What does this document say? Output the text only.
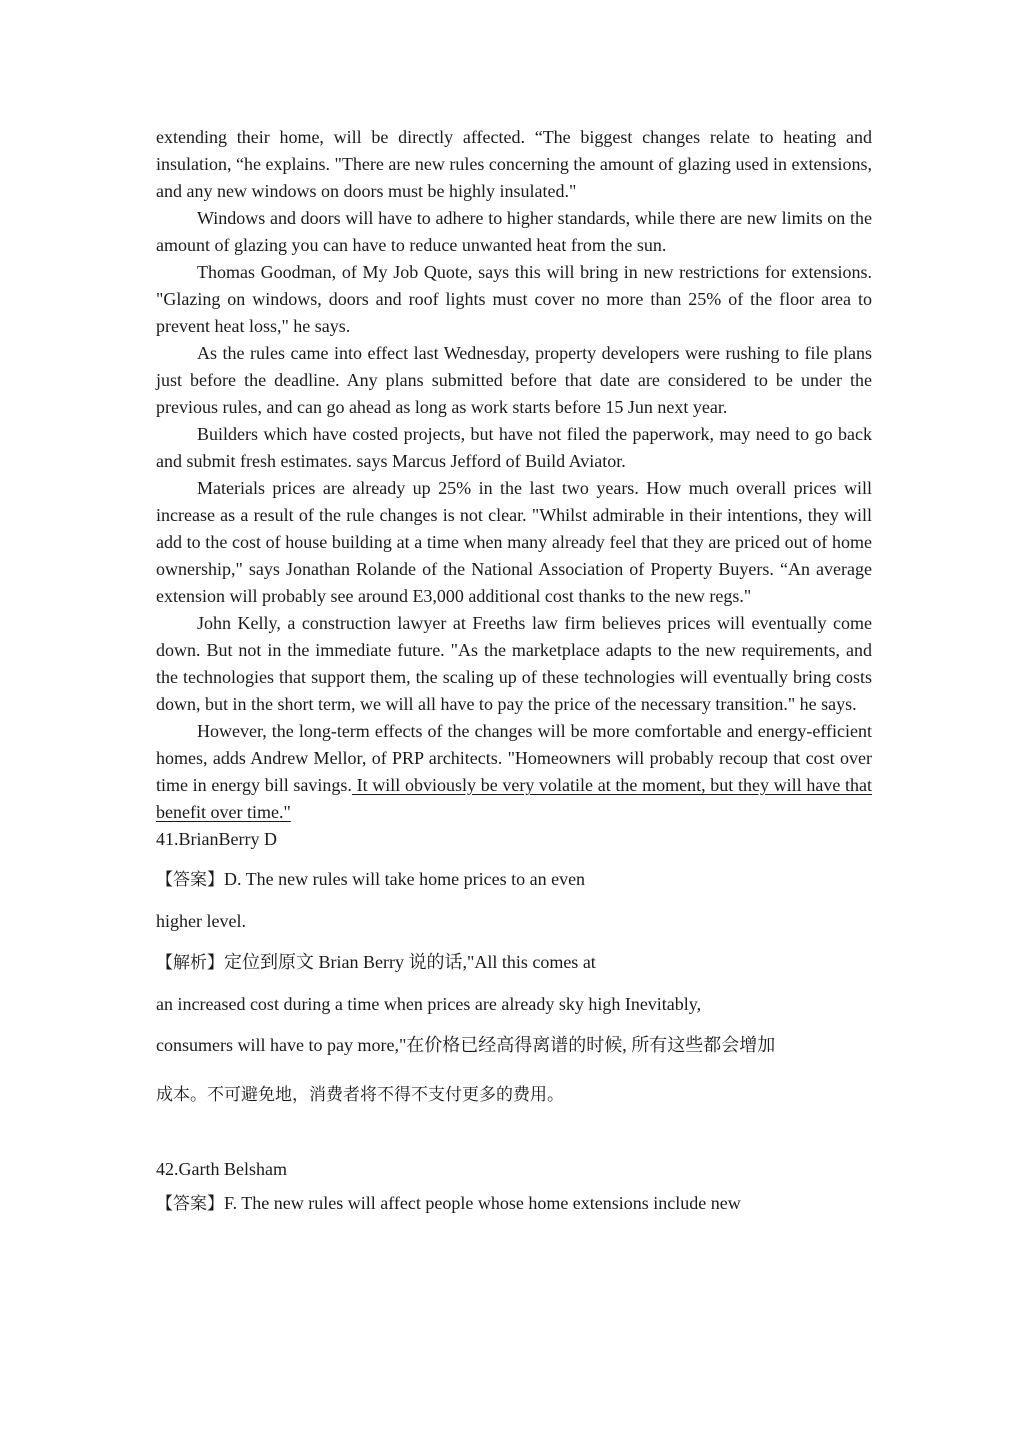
extending their home, will be directly affected. “The biggest changes relate to heating and insulation, “he explains. "There are new rules concerning the amount of glazing used in extensions, and any new windows on doors must be highly insulated."

Windows and doors will have to adhere to higher standards, while there are new limits on the amount of glazing you can have to reduce unwanted heat from the sun.

Thomas Goodman, of My Job Quote, says this will bring in new restrictions for extensions. "Glazing on windows, doors and roof lights must cover no more than 25% of the floor area to prevent heat loss," he says.

As the rules came into effect last Wednesday, property developers were rushing to file plans just before the deadline. Any plans submitted before that date are considered to be under the previous rules, and can go ahead as long as work starts before 15 Jun next year.

Builders which have costed projects, but have not filed the paperwork, may need to go back and submit fresh estimates. says Marcus Jefford of Build Aviator.

Materials prices are already up 25% in the last two years. How much overall prices will increase as a result of the rule changes is not clear. "Whilst admirable in their intentions, they will add to the cost of house building at a time when many already feel that they are priced out of home ownership," says Jonathan Rolande of the National Association of Property Buyers. “An average extension will probably see around E3,000 additional cost thanks to the new regs."

John Kelly, a construction lawyer at Freeths law firm believes prices will eventually come down. But not in the immediate future. "As the marketplace adapts to the new requirements, and the technologies that support them, the scaling up of these technologies will eventually bring costs down, but in the short term, we will all have to pay the price of the necessary transition." he says.

However, the long-term effects of the changes will be more comfortable and energy-efficient homes, adds Andrew Mellor, of PRP architects. "Homeowners will probably recoup that cost over time in energy bill savings. It will obviously be very volatile at the moment, but they will have that benefit over time."

41.BrianBerry D

【答案】D. The new rules will take home prices to an even

higher level.

【解析】定位到原文 Brian Berry 说的话,"All this comes at

an increased cost during a time when prices are already sky high Inevitably,

consumers will have to pay more,"在价格已经高得离谱的时候, 所有这些都会增加

成本。不可避免地，消费者将不得不支付更多的费用。

42.Garth Belsham

【答案】F. The new rules will affect people whose home extensions include new
